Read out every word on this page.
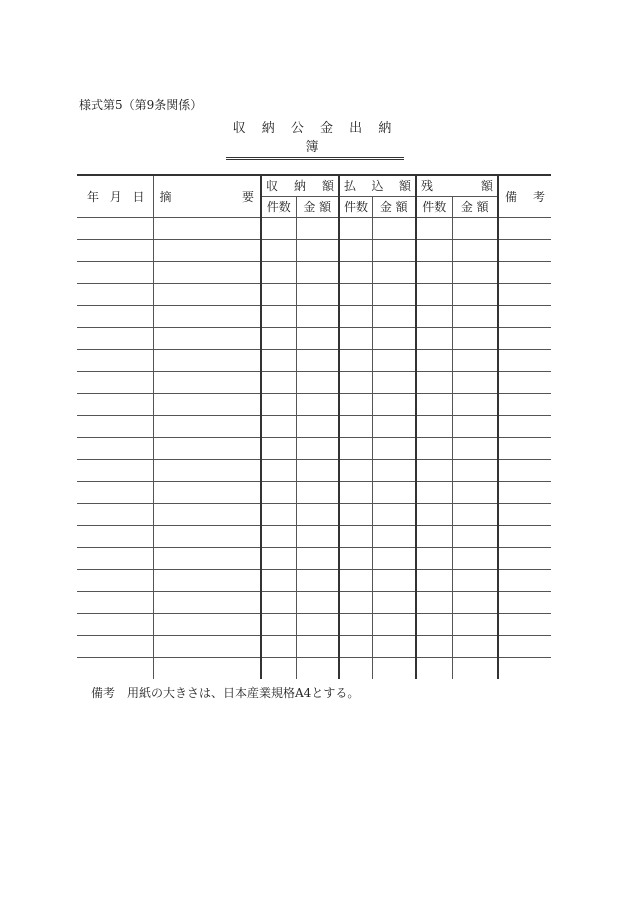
様式第5（第9条関係）
収 納 公 金 出 納 簿
年 月 日	摘 要	収 納 額		払 込 額		残 額		備 考

		件数	金 額	件数	金 額	件数	金 額	

備考 用紙の大きさは、日本産業規格A4とする。
